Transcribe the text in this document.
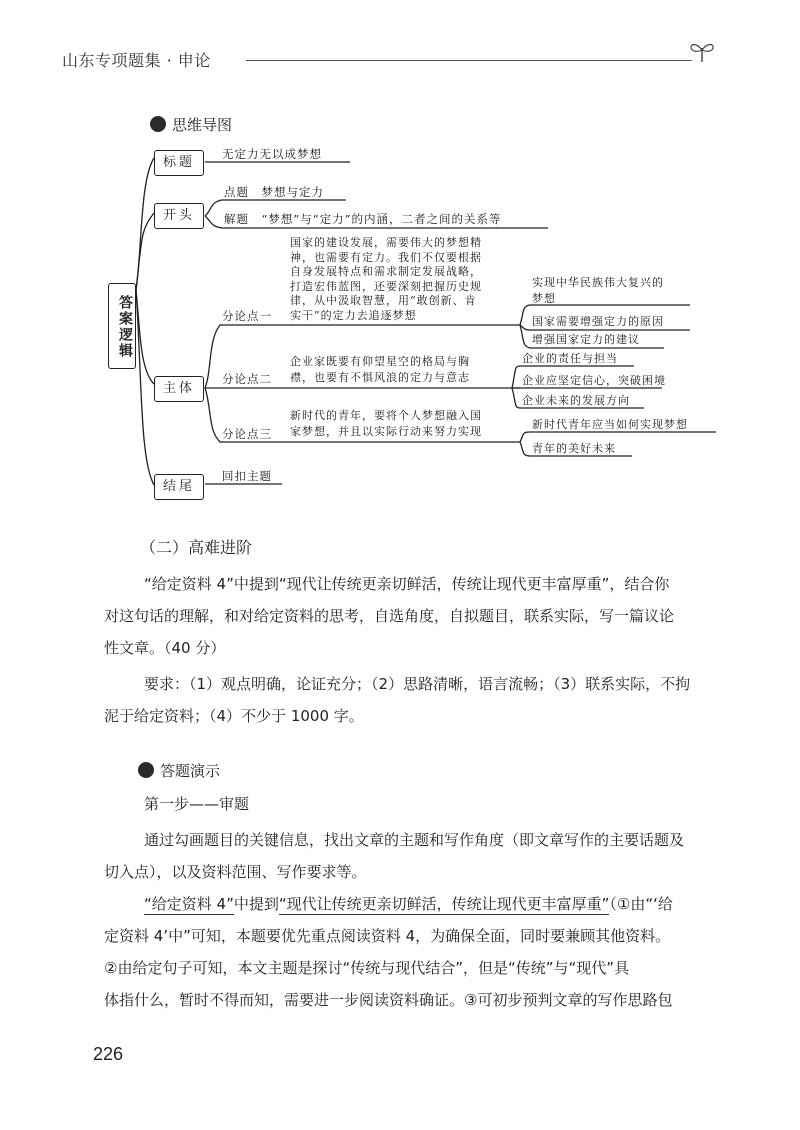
山东专项题集 · 申论
思维导图
答案逻辑
标题
开头
主体
结尾
无定力无以成梦想
点题　梦想与定力
解题　“梦想”与“定力”的内涵，二者之间的关系等
分论点一
国家的建设发展，需要伟大的梦想精
神，也需要有定力。我们不仅要根据
自身发展特点和需求制定发展战略，
打造宏伟蓝图，还要深刻把握历史规
律，从中汲取智慧，用“敢创新、肯
实干”的定力去追逐梦想
实现中华民族伟大复兴的
梦想
国家需要增强定力的原因
增强国家定力的建议
分论点二
企业家既要有仰望星空的格局与胸
襟，也要有不惧风浪的定力与意志
企业的责任与担当
企业应坚定信心，突破困境
企业未来的发展方向
分论点三
新时代的青年，要将个人梦想融入国
家梦想，并且以实际行动来努力实现
新时代青年应当如何实现梦想
青年的美好未来
回扣主题
（二）高难进阶
“给定资料 4”中提到“现代让传统更亲切鲜活，传统让现代更丰富厚重”，结合你
对这句话的理解，和对给定资料的思考，自选角度，自拟题目，联系实际，写一篇议论
性文章。（40 分）
要求：（1）观点明确，论证充分；（2）思路清晰，语言流畅；（3）联系实际，不拘
泥于给定资料；（4）不少于 1000 字。
答题演示
第一步——审题
通过勾画题目的关键信息，找出文章的主题和写作角度（即文章写作的主要话题及
切入点），以及资料范围、写作要求等。
“给定资料 4”中提到“现代让传统更亲切鲜活，传统让现代更丰富厚重”（①由“‘给
定资料 4’中”可知，本题要优先重点阅读资料 4，为确保全面，同时要兼顾其他资料。
②由给定句子可知，本文主题是探讨“传统与现代结合”，但是“传统”与“现代”具
体指什么，暂时不得而知，需要进一步阅读资料确证。③可初步预判文章的写作思路包
226
